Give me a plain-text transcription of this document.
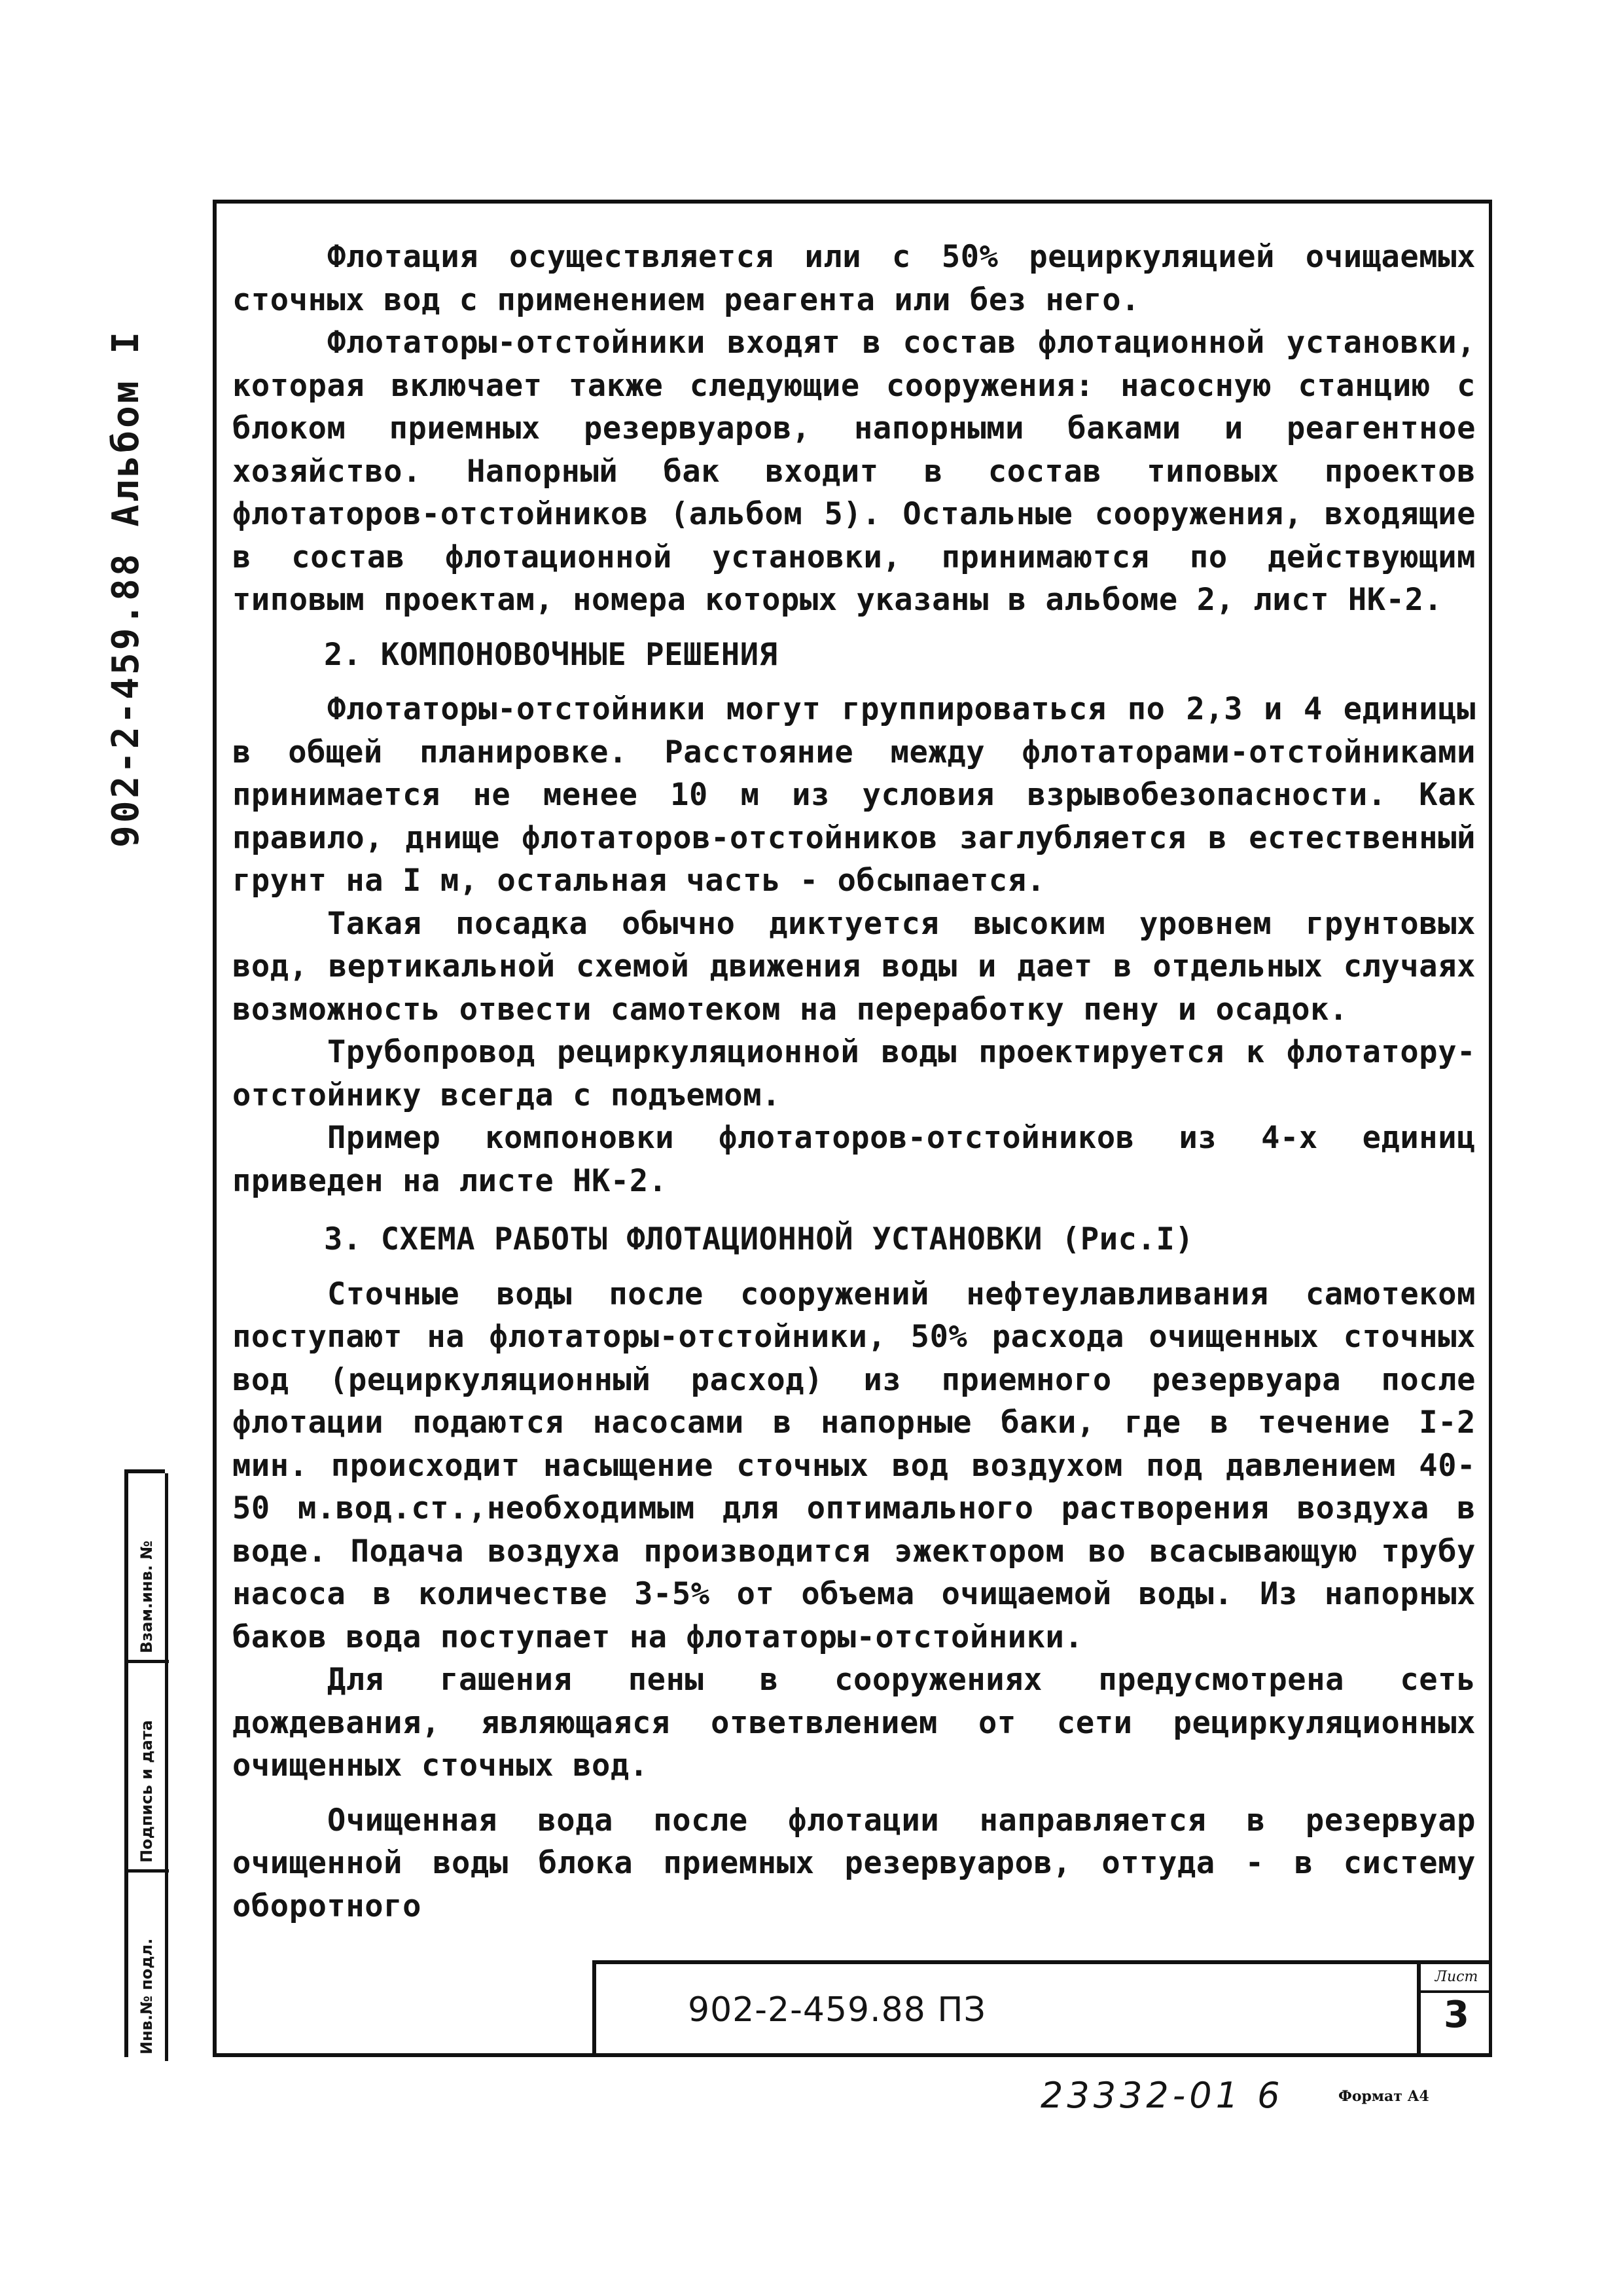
902-2-459.88 Альбом I

Флотация осуществляется или с 50% рециркуляцией очищаемых сточных вод с применением реагента или без него.

Флотаторы-отстойники входят в состав флотационной установки, которая включает также следующие сооружения: насосную станцию с блоком приемных резервуаров, напорными баками и реагентное хозяйство. Напорный бак входит в состав типовых проектов флотаторов-отстойников (альбом 5). Остальные сооружения, входящие в состав флотационной установки, принимаются по действующим типовым проектам, номера которых указаны в альбоме 2, лист НК-2.

2. КОМПОНОВОЧНЫЕ РЕШЕНИЯ

Флотаторы-отстойники могут группироваться по 2,3 и 4 единицы в общей планировке. Расстояние между флотаторами-отстойниками принимается не менее 10 м из условия взрывобезопасности. Как правило, днище флотаторов-отстойников заглубляется в естественный грунт на I м, остальная часть - обсыпается.

Такая посадка обычно диктуется высоким уровнем грунтовых вод, вертикальной схемой движения воды и дает в отдельных случаях возможность отвести самотеком на переработку пену и осадок.

Трубопровод рециркуляционной воды проектируется к флотатору-отстойнику всегда с подъемом.

Пример компоновки флотаторов-отстойников из 4-х единиц приведен на листе НК-2.

3. СХЕМА РАБОТЫ ФЛОТАЦИОННОЙ УСТАНОВКИ (Рис.I)

Сточные воды после сооружений нефтеулавливания самотеком поступают на флотаторы-отстойники, 50% расхода очищенных сточных вод (рециркуляционный расход) из приемного резервуара после флотации подаются насосами в напорные баки, где в течение I-2 мин. происходит насыщение сточных вод воздухом под давлением 40-50 м.вод.ст.,необходимым для оптимального растворения воздуха в воде. Подача воздуха производится эжектором во всасывающую трубу насоса в количестве 3-5% от объема очищаемой воды. Из напорных баков вода поступает на флотаторы-отстойники.

Для гашения пены в сооружениях предусмотрена сеть дождевания, являющаяся ответвлением от сети рециркуляционных очищенных сточных вод.

Очищенная вода после флотации направляется в резервуар очищенной воды блока приемных резервуаров, оттуда - в систему оборотного

Взам.инв. №
Подпись и дата
Инв.№ подл.	902-2-459.88 ПЗ
Лист
3
23332-01 6	Формат А4
